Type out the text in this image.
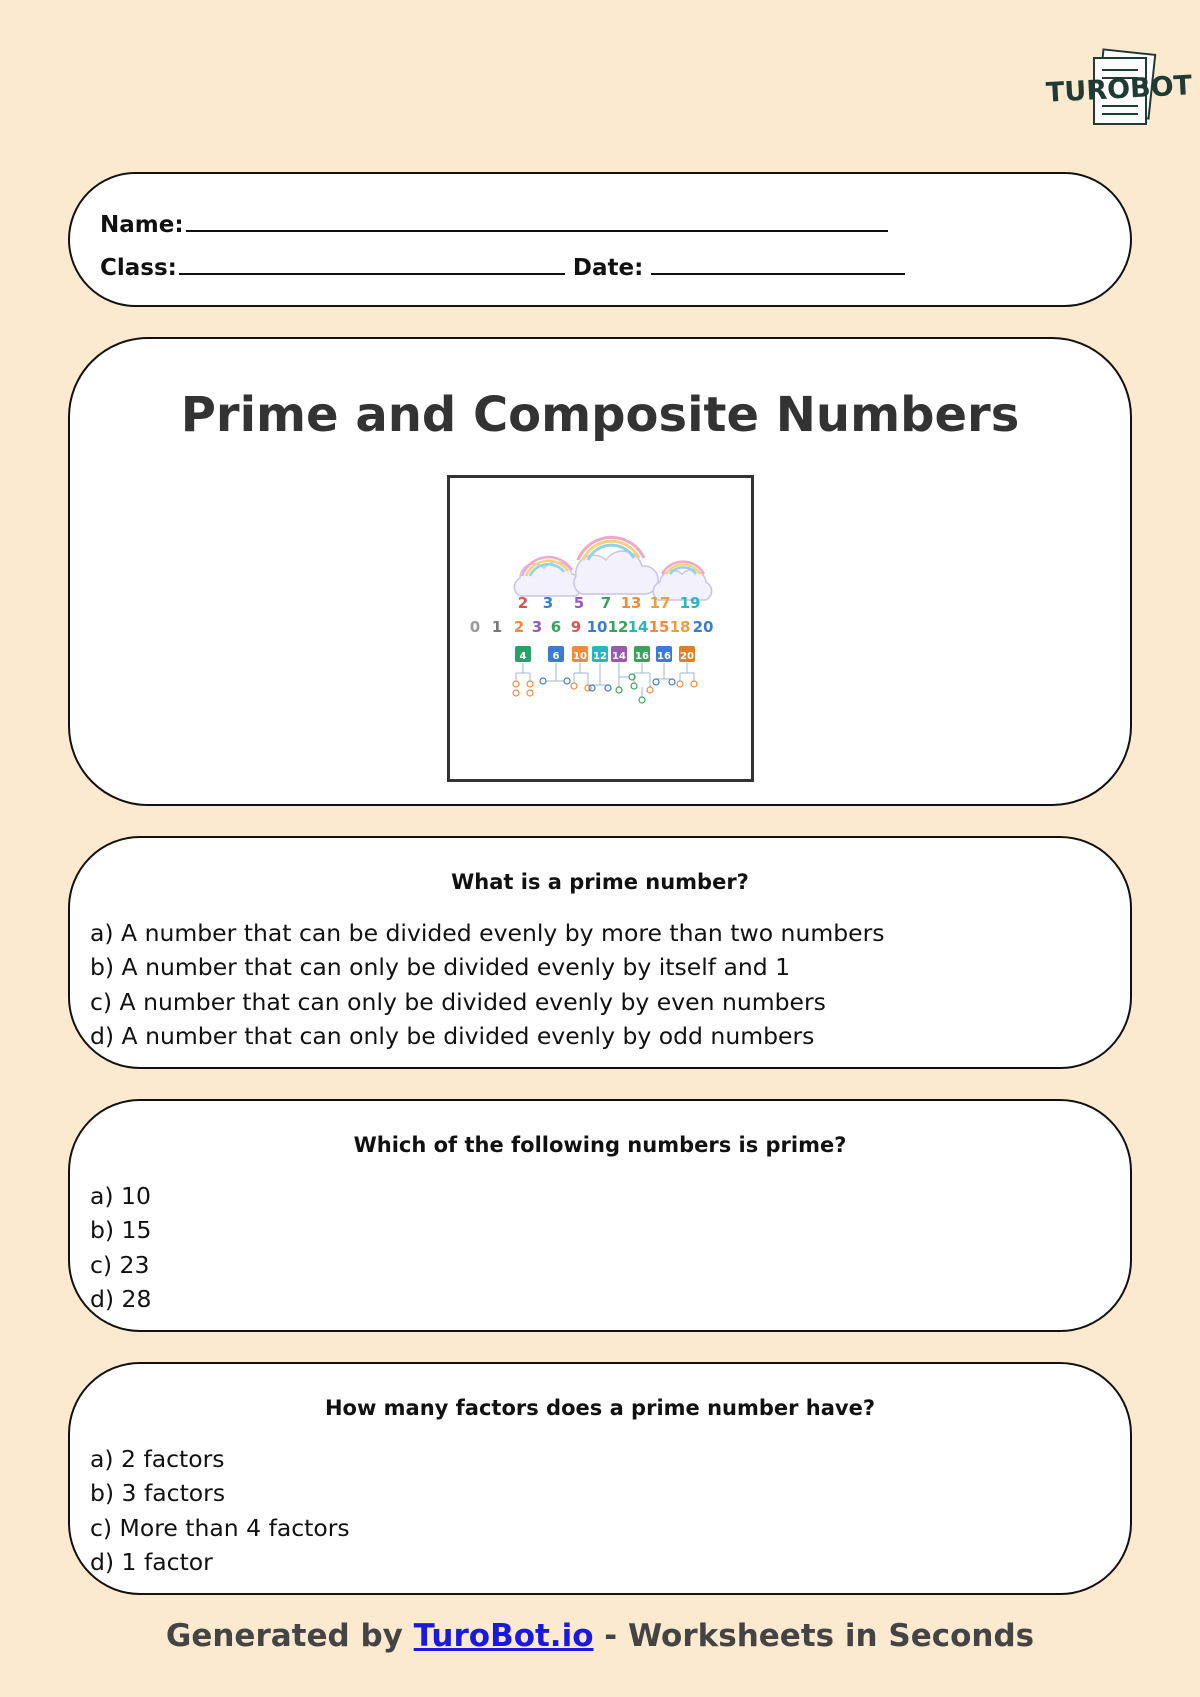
TUROBOT
Name:
Class:	Date:
Prime and Composite Numbers
2 3 5 7 13 17 19
0 1 2 3 6 9 10 12 14 15 18 20
4	6 10 12 14 16 16 20
What is a prime number?
a) A number that can be divided evenly by more than two numbers
b) A number that can only be divided evenly by itself and 1
c) A number that can only be divided evenly by even numbers
d) A number that can only be divided evenly by odd numbers
Which of the following numbers is prime?
a) 10
b) 15
c) 23
d) 28
How many factors does a prime number have?
a) 2 factors
b) 3 factors
c) More than 4 factors
d) 1 factor
Generated by TuroBot.io - Worksheets in Seconds
